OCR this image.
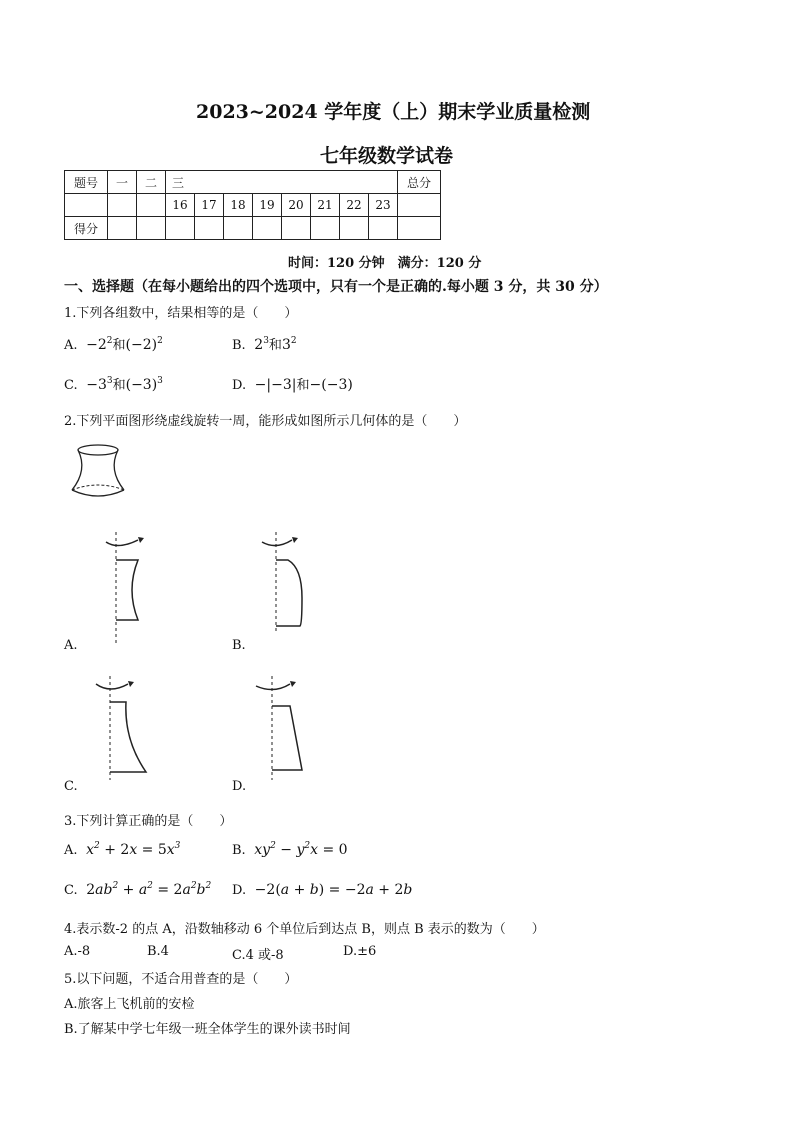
2023~2024 学年度（上）期末学业质量检测
七年级数学试卷
题号	一	二	三								总分
			16	17	18	19	20	21	22	23	
得分											
时间：120 分钟　满分：120 分
一、选择题（在每小题给出的四个选项中，只有一个是正确的.每小题 3 分，共 30 分）
1.下列各组数中，结果相等的是（　　）
A.  $-2^2$和$(-2)^2$	B.  $2^3$和$3^2$
C.  $-3^3$和$(-3)^3$	D.  −|−3|和−(−3)
2.下列平面图形绕虚线旋转一周，能形成如图所示几何体的是（　　）
A.	B.
C.	D.
3.下列计算正确的是（　　）
A.  $x^2 + 2x = 5x^3$	B.  $xy^2 - y^2x = 0$
C.  $2ab^2 + a^2 = 2a^2b^2$ D.  −2(a + b) = −2a + 2b
4.表示数-2 的点 A，沿数轴移动 6 个单位后到达点 B，则点 B 表示的数为（　　）
A.-8	B.4	C.4 或-8	D.±6
5.以下问题，不适合用普查的是（　　）
A.旅客上飞机前的安检
B.了解某中学七年级一班全体学生的课外读书时间
